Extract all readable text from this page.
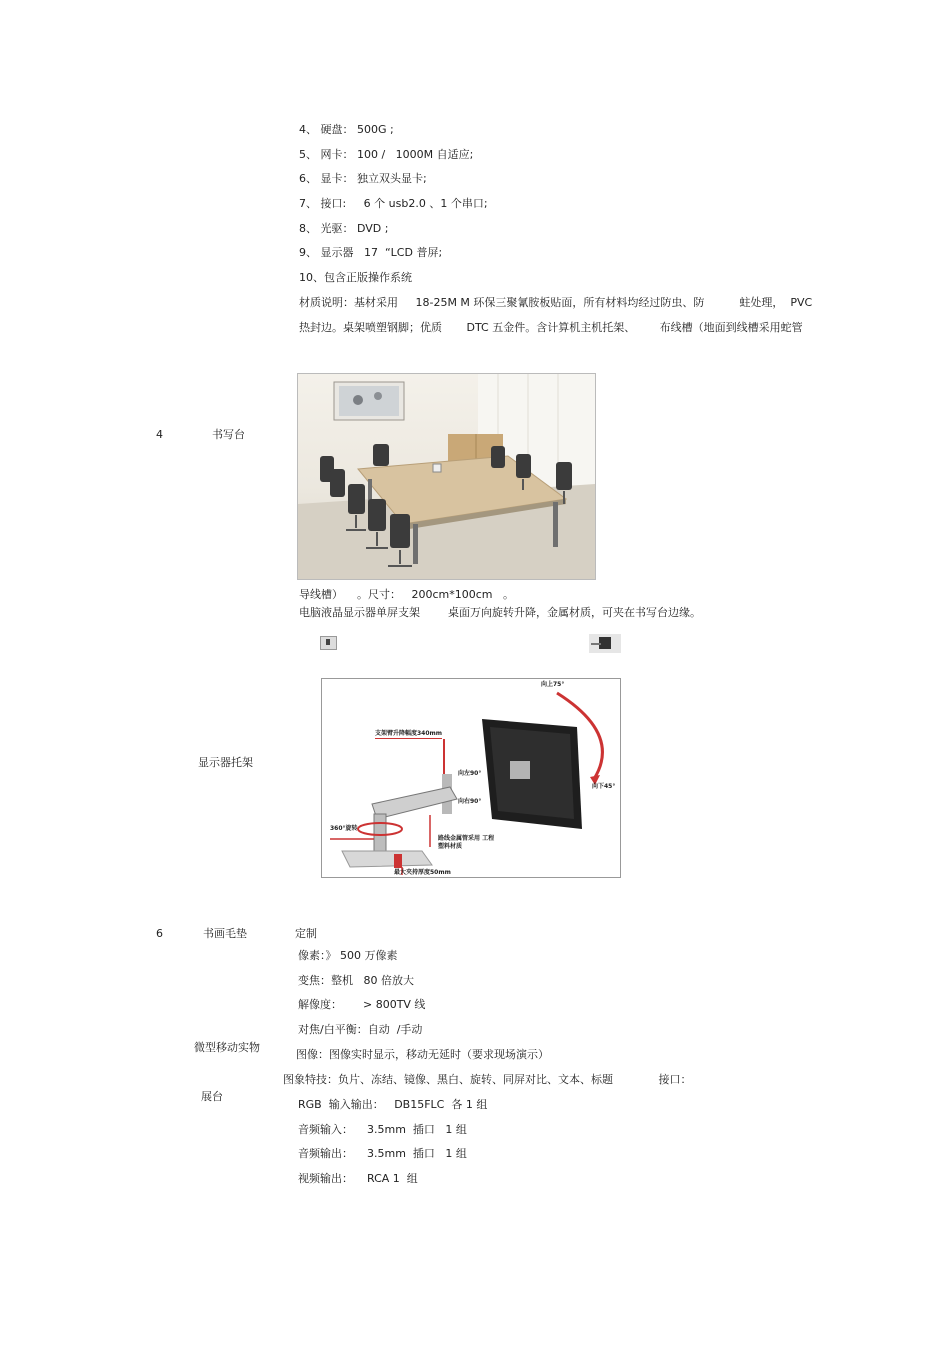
4、 硬盘： 500G ;
5、 网卡： 100 /   1000M 自适应;
6、 显卡： 独立双头显卡;
7、 接口:     6 个 usb2.0 、1 个串口;
8、 光驱： DVD ;
9、 显示器   17  “LCD 普屏;
10、包含正版操作系统
材质说明：基材采用     18-25M M 环保三聚氰胺板贴面，所有材料均经过防虫、防          蛀处理，  PVC
热封边。桌架喷塑钢脚；优质       DTC 五金件。含计算机主机托架、       布线槽（地面到线槽采用蛇管
4	书写台
导线槽）    。尺寸：   200cm*100cm   。
电脑液晶显示器单屏支架        桌面万向旋转升降，金属材质，可夹在书写台边缘。
显示器托架
向上75°
向下45°
支架臂升降幅度340mm
向左90°
向右90°
360°旋转
路线金属管采用 工程塑料材质
最大夹持厚度50mm
6	书画毛垫	定制
微型移动实物
展台
像素：》 500 万像素
变焦：整机   80 倍放大
解像度：      > 800TV 线
对焦/白平衡：自动  /手动
图像：图像实时显示，移动无延时（要求现场演示）
图象特技：负片、冻结、镜像、黑白、旋转、同屏对比、文本、标题             接口：
RGB  输入输出：   DB15FLC  各 1 组
音频输入：    3.5mm  插口   1 组
音频输出：    3.5mm  插口   1 组
视频输出：    RCA 1  组
